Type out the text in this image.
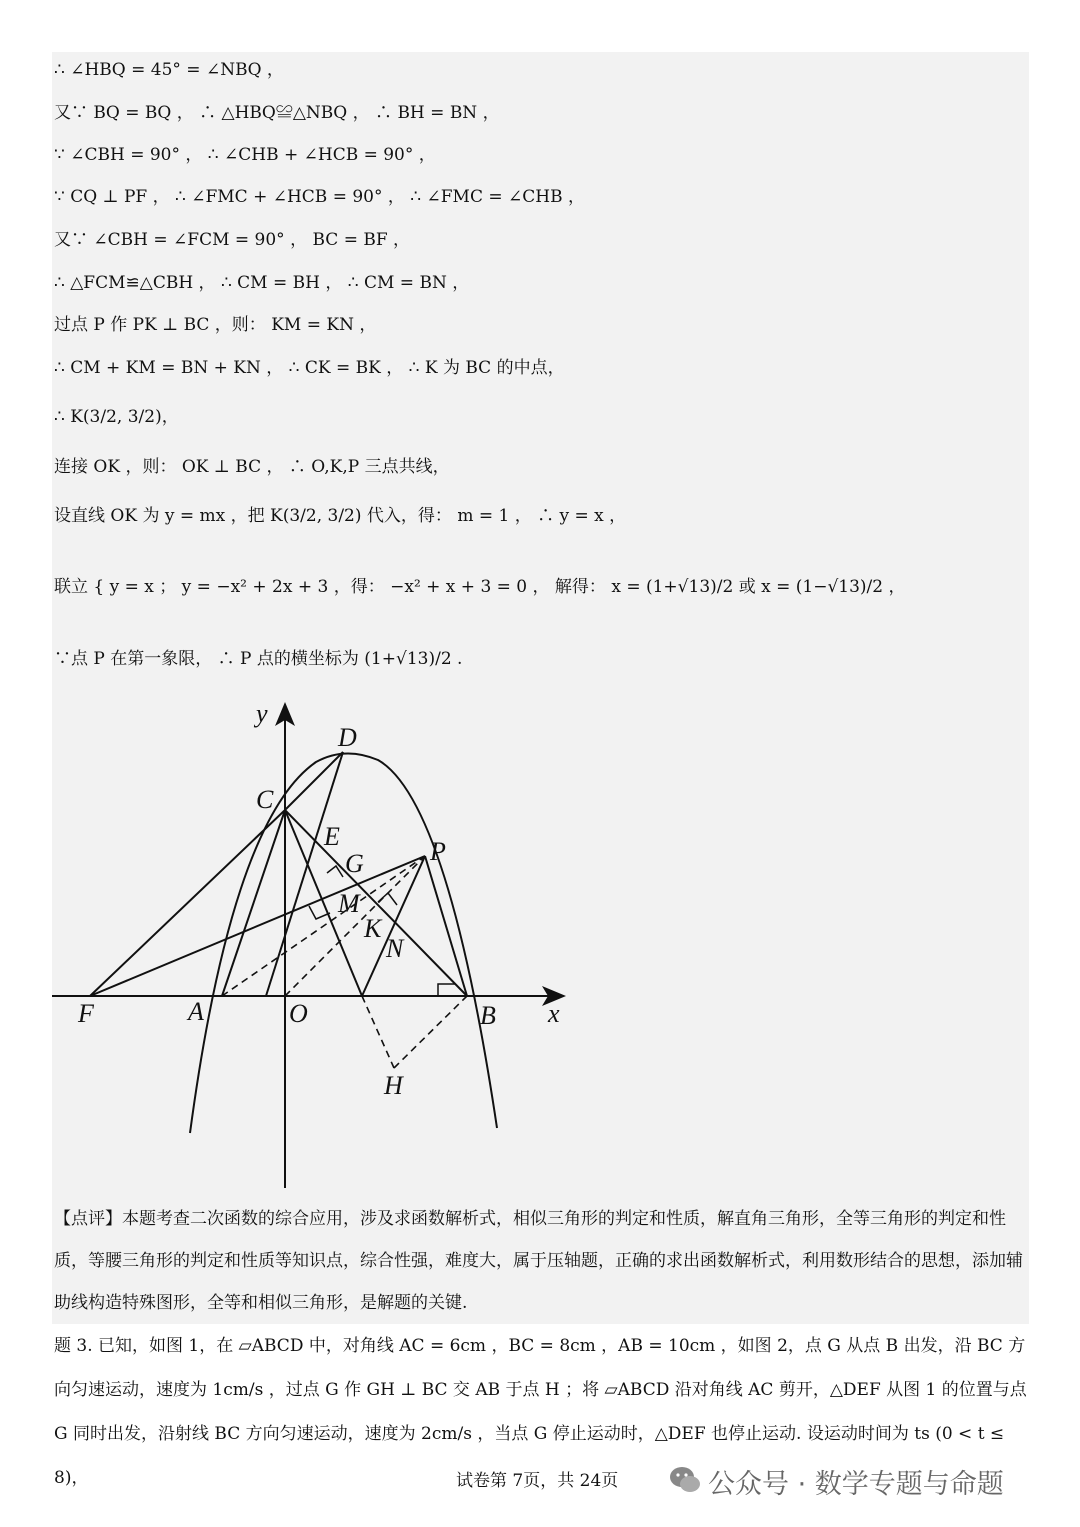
∴ ∠HBQ = 45° = ∠NBQ ，
又∵ BQ = BQ ， ∴ △HBQ≌△NBQ ， ∴ BH = BN ，
∵ ∠CBH = 90° ， ∴ ∠CHB + ∠HCB = 90° ，
∵ CQ ⊥ PF ， ∴ ∠FMC + ∠HCB = 90° ， ∴ ∠FMC = ∠CHB ，
又∵ ∠CBH = ∠FCM = 90° ， BC = BF ，
∴ △FCM≌△CBH ， ∴ CM = BH ， ∴ CM = BN ，
过点 P 作 PK ⊥ BC ，则： KM = KN ，
∴ CM + KM = BN + KN ， ∴ CK = BK ， ∴ K 为 BC 的中点，
∴ K(3/2, 3/2)，
连接 OK ，则： OK ⊥ BC ， ∴ O,K,P 三点共线，
设直线 OK 为 y = mx ，把 K(3/2, 3/2) 代入，得： m = 1 ， ∴ y = x ，
联立 { y = x ； y = −x² + 2x + 3 ，得： −x² + x + 3 = 0 ， 解得： x = (1+√13)/2 或 x = (1−√13)/2 ，
∵点 P 在第一象限， ∴ P 点的横坐标为 (1+√13)/2 .
y
D
C
E
G	P
M
K
N
F	A	O	B x
H
【点评】本题考查二次函数的综合应用，涉及求函数解析式，相似三角形的判定和性质，解直角三角形，全等三角形的判定和性质，等腰三角形的判定和性质等知识点，综合性强，难度大，属于压轴题，正确的求出函数解析式，利用数形结合的思想，添加辅助线构造特殊图形，全等和相似三角形，是解题的关键.
题 3. 已知，如图 1，在 ▱ABCD 中，对角线 AC = 6cm ，BC = 8cm ，AB = 10cm ，如图 2，点 G 从点 B 出发，沿 BC 方向匀速运动，速度为 1cm/s ，过点 G 作 GH ⊥ BC 交 AB 于点 H ；将 ▱ABCD 沿对角线 AC 剪开，△DEF 从图 1 的位置与点 G 同时出发，沿射线 BC 方向匀速运动，速度为 2cm/s ，当点 G 停止运动时，△DEF 也停止运动. 设运动时间为 ts (0 < t ≤ 8)，	试卷第 7页，共 24页	公众号 · 数学专题与命题
